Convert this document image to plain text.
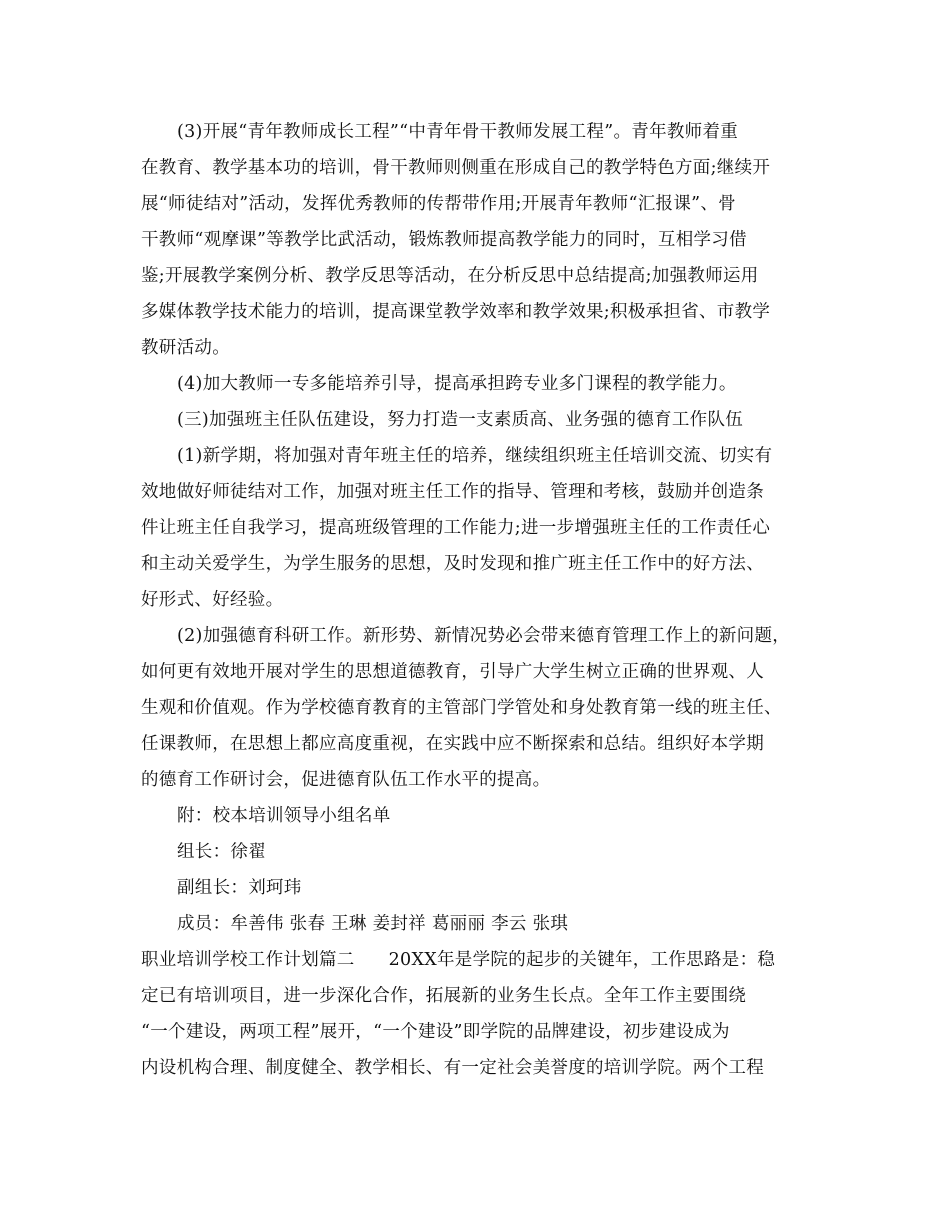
(3)开展“青年教师成长工程”“中青年骨干教师发展工程”。青年教师着重
在教育、教学基本功的培训，骨干教师则侧重在形成自己的教学特色方面;继续开
展“师徒结对”活动，发挥优秀教师的传帮带作用;开展青年教师“汇报课”、骨
干教师“观摩课”等教学比武活动，锻炼教师提高教学能力的同时，互相学习借
鉴;开展教学案例分析、教学反思等活动，在分析反思中总结提高;加强教师运用
多媒体教学技术能力的培训，提高课堂教学效率和教学效果;积极承担省、市教学
教研活动。
(4)加大教师一专多能培养引导，提高承担跨专业多门课程的教学能力。
(三)加强班主任队伍建设，努力打造一支素质高、业务强的德育工作队伍
(1)新学期，将加强对青年班主任的培养，继续组织班主任培训交流、切实有
效地做好师徒结对工作，加强对班主任工作的指导、管理和考核，鼓励并创造条
件让班主任自我学习，提高班级管理的工作能力;进一步增强班主任的工作责任心
和主动关爱学生，为学生服务的思想，及时发现和推广班主任工作中的好方法、
好形式、好经验。
(2)加强德育科研工作。新形势、新情况势必会带来德育管理工作上的新问题，
如何更有效地开展对学生的思想道德教育，引导广大学生树立正确的世界观、人
生观和价值观。作为学校德育教育的主管部门学管处和身处教育第一线的班主任、
任课教师，在思想上都应高度重视，在实践中应不断探索和总结。组织好本学期
的德育工作研讨会，促进德育队伍工作水平的提高。
附：校本培训领导小组名单
组长：徐翟
副组长：刘珂玮
成员：牟善伟 张春 王琳 姜封祥 葛丽丽 李云 张琪
职业培训学校工作计划篇二 20XX年是学院的起步的关键年，工作思路是：稳
定已有培训项目，进一步深化合作，拓展新的业务生长点。全年工作主要围绕
“一个建设，两项工程”展开，“一个建设”即学院的品牌建设，初步建设成为
内设机构合理、制度健全、教学相长、有一定社会美誉度的培训学院。两个工程
